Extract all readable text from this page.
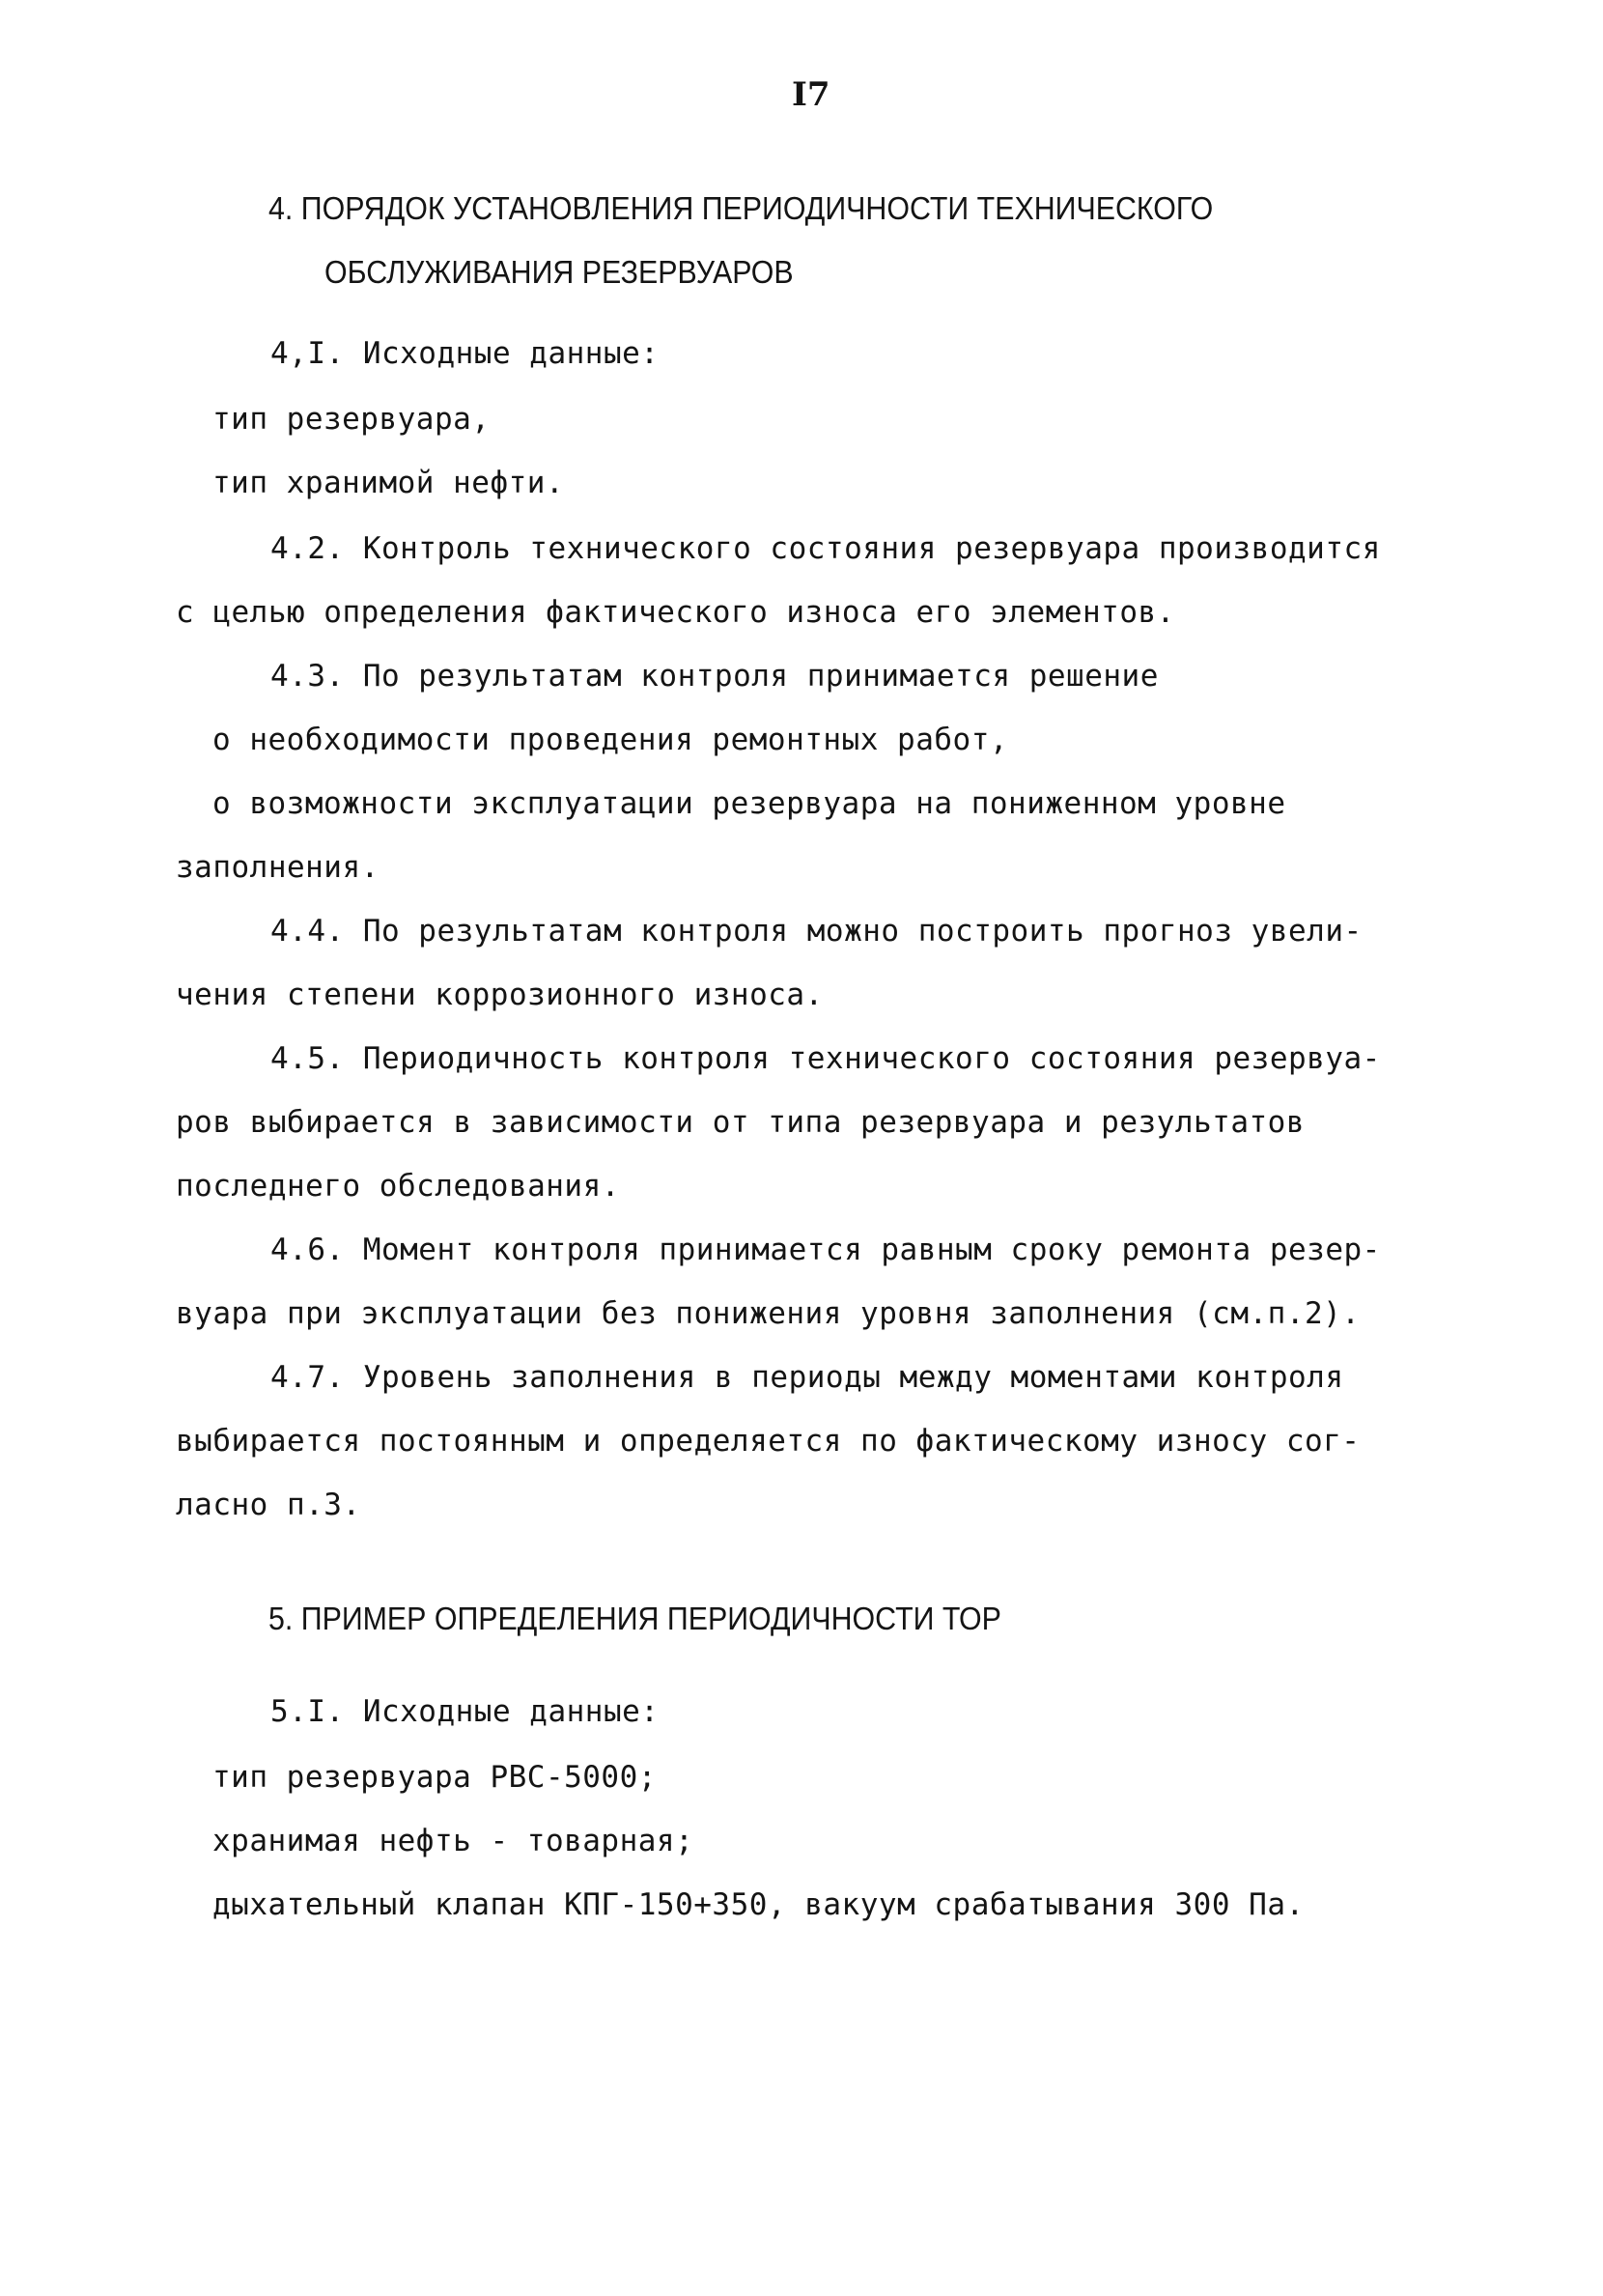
I7
4. ПОРЯДОК УСТАНОВЛЕНИЯ ПЕРИОДИЧНОСТИ ТЕХНИЧЕСКОГО
ОБСЛУЖИВАНИЯ РЕЗЕРВУАРОВ
4,I. Исходные данные:
тип резервуара,
тип хранимой нефти.
4.2. Контроль технического состояния резервуара производится
с целью определения фактического износа его элементов.
4.3. По результатам контроля принимается решение
о необходимости проведения ремонтных работ,
о возможности эксплуатации резервуара на пониженном уровне
заполнения.
4.4. По результатам контроля можно построить прогноз увели-
чения степени коррозионного износа.
4.5. Периодичность контроля технического состояния резервуа-
ров выбирается в зависимости от типа резервуара и результатов
последнего обследования.
4.6. Момент контроля принимается равным сроку ремонта резер-
вуара при эксплуатации без понижения уровня заполнения (см.п.2).
4.7. Уровень заполнения в периоды между моментами контроля
выбирается постоянным и определяется по фактическому износу сог-
ласно п.3.
5. ПРИМЕР ОПРЕДЕЛЕНИЯ ПЕРИОДИЧНОСТИ ТОР
5.I. Исходные данные:
тип резервуара РВС-5000;
хранимая нефть - товарная;
дыхательный клапан КПГ-150+350, вакуум срабатывания 300 Па.
